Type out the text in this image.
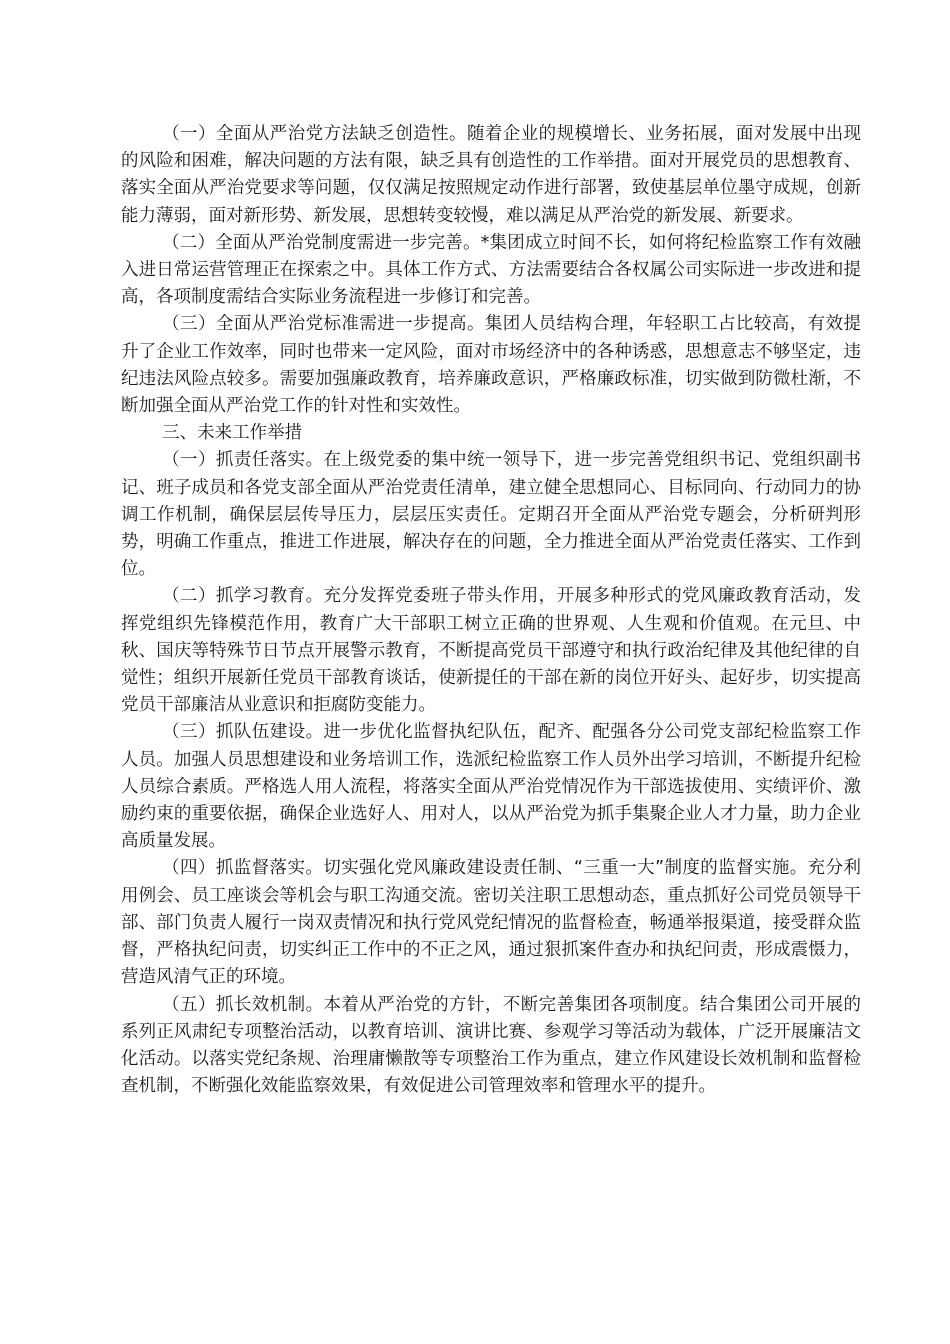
（一）全面从严治党方法缺乏创造性。随着企业的规模增长、业务拓展，面对发展中出现的风险和困难，解决问题的方法有限，缺乏具有创造性的工作举措。面对开展党员的思想教育、落实全面从严治党要求等问题，仅仅满足按照规定动作进行部署，致使基层单位墨守成规，创新能力薄弱，面对新形势、新发展，思想转变较慢，难以满足从严治党的新发展、新要求。

（二）全面从严治党制度需进一步完善。*集团成立时间不长，如何将纪检监察工作有效融入进日常运营管理正在探索之中。具体工作方式、方法需要结合各权属公司实际进一步改进和提高，各项制度需结合实际业务流程进一步修订和完善。

（三）全面从严治党标准需进一步提高。集团人员结构合理，年轻职工占比较高，有效提升了企业工作效率，同时也带来一定风险，面对市场经济中的各种诱惑，思想意志不够坚定，违纪违法风险点较多。需要加强廉政教育，培养廉政意识，严格廉政标准，切实做到防微杜渐，不断加强全面从严治党工作的针对性和实效性。

三、未来工作举措

（一）抓责任落实。在上级党委的集中统一领导下，进一步完善党组织书记、党组织副书记、班子成员和各党支部全面从严治党责任清单，建立健全思想同心、目标同向、行动同力的协调工作机制，确保层层传导压力，层层压实责任。定期召开全面从严治党专题会，分析研判形势，明确工作重点，推进工作进展，解决存在的问题，全力推进全面从严治党责任落实、工作到位。

（二）抓学习教育。充分发挥党委班子带头作用，开展多种形式的党风廉政教育活动，发挥党组织先锋模范作用，教育广大干部职工树立正确的世界观、人生观和价值观。在元旦、中秋、国庆等特殊节日节点开展警示教育，不断提高党员干部遵守和执行政治纪律及其他纪律的自觉性；组织开展新任党员干部教育谈话，使新提任的干部在新的岗位开好头、起好步，切实提高党员干部廉洁从业意识和拒腐防变能力。

（三）抓队伍建设。进一步优化监督执纪队伍，配齐、配强各分公司党支部纪检监察工作人员。加强人员思想建设和业务培训工作，选派纪检监察工作人员外出学习培训，不断提升纪检人员综合素质。严格选人用人流程，将落实全面从严治党情况作为干部选拔使用、实绩评价、激励约束的重要依据，确保企业选好人、用对人，以从严治党为抓手集聚企业人才力量，助力企业高质量发展。

（四）抓监督落实。切实强化党风廉政建设责任制、“三重一大”制度的监督实施。充分利用例会、员工座谈会等机会与职工沟通交流。密切关注职工思想动态，重点抓好公司党员领导干部、部门负责人履行一岗双责情况和执行党风党纪情况的监督检查，畅通举报渠道，接受群众监督，严格执纪问责，切实纠正工作中的不正之风，通过狠抓案件查办和执纪问责，形成震慑力，营造风清气正的环境。

（五）抓长效机制。本着从严治党的方针，不断完善集团各项制度。结合集团公司开展的系列正风肃纪专项整治活动，以教育培训、演讲比赛、参观学习等活动为载体，广泛开展廉洁文化活动。以落实党纪条规、治理庸懒散等专项整治工作为重点，建立作风建设长效机制和监督检查机制，不断强化效能监察效果，有效促进公司管理效率和管理水平的提升。
